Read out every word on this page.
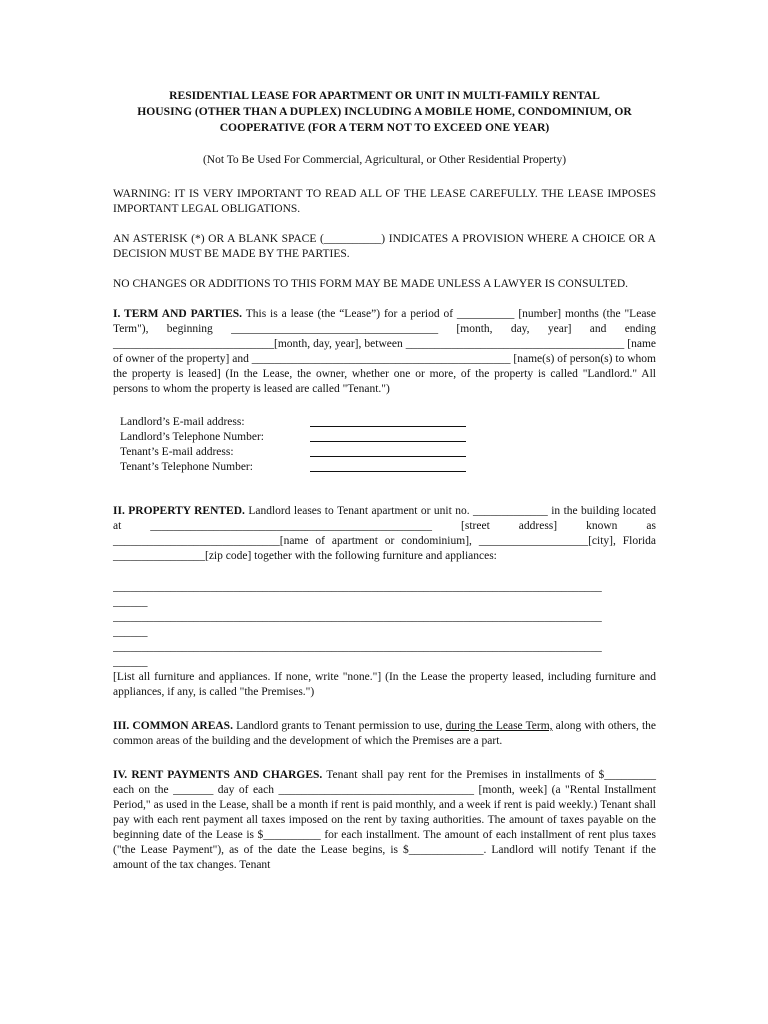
RESIDENTIAL LEASE FOR APARTMENT OR UNIT IN MULTI-FAMILY RENTAL
HOUSING (OTHER THAN A DUPLEX) INCLUDING A MOBILE HOME, CONDOMINIUM, OR
COOPERATIVE (FOR A TERM NOT TO EXCEED ONE YEAR)
(Not To Be Used For Commercial, Agricultural, or Other Residential Property)

WARNING: IT IS VERY IMPORTANT TO READ ALL OF THE LEASE CAREFULLY. THE LEASE IMPOSES IMPORTANT LEGAL OBLIGATIONS.

AN ASTERISK (*) OR A BLANK SPACE (__________) INDICATES A PROVISION WHERE A CHOICE OR A DECISION MUST BE MADE BY THE PARTIES.

NO CHANGES OR ADDITIONS TO THIS FORM MAY BE MADE UNLESS A LAWYER IS CONSULTED.

I. TERM AND PARTIES. This is a lease (the “Lease”) for a period of __________ [number] months (the "Lease Term"), beginning ____________________________________ [month, day, year] and ending ____________________________[month, day, year], between ______________________________________ [name of owner of the property] and _____________________________________________ [name(s) of person(s) to whom the property is leased] (In the Lease, the owner, whether one or more, of the property is called "Landlord." All persons to whom the property is leased are called "Tenant.")

Landlord’s E-mail address:
Landlord’s Telephone Number:
Tenant’s E-mail address:
Tenant’s Telephone Number:

II. PROPERTY RENTED. Landlord leases to Tenant apartment or unit no. _____________ in the building located at _________________________________________________ [street address] known as _____________________________[name of apartment or condominium], ___________________[city], Florida ________________[zip code] together with the following furniture and appliances:

_____________________________________________________________________________________
______
_____________________________________________________________________________________
______
_____________________________________________________________________________________
______

[List all furniture and appliances. If none, write "none."] (In the Lease the property leased, including furniture and appliances, if any, is called "the Premises.")

III. COMMON AREAS. Landlord grants to Tenant permission to use, during the Lease Term, along with others, the common areas of the building and the development of which the Premises are a part.

IV. RENT PAYMENTS AND CHARGES. Tenant shall pay rent for the Premises in installments of $_________ each on the _______ day of each __________________________________ [month, week] (a "Rental Installment Period," as used in the Lease, shall be a month if rent is paid monthly, and a week if rent is paid weekly.) Tenant shall pay with each rent payment all taxes imposed on the rent by taxing authorities. The amount of taxes payable on the beginning date of the Lease is $__________ for each installment. The amount of each installment of rent plus taxes ("the Lease Payment"), as of the date the Lease begins, is $_____________. Landlord will notify Tenant if the amount of the tax changes. Tenant
